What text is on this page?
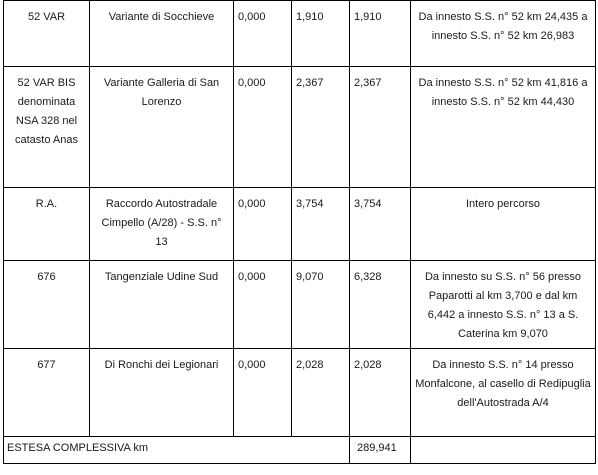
52 VAR	Variante di Socchieve	0,000	1,910	1,910	Da innesto S.S. n° 52 km 24,435 a innesto S.S. n° 52 km 26,983
52 VAR BIS denominata NSA 328 nel catasto Anas	Variante Galleria di San Lorenzo	0,000	2,367	2,367	Da innesto S.S. n° 52 km 41,816 a innesto S.S. n° 52 km 44,430
R.A.	Raccordo Autostradale Cimpello (A/28) - S.S. n° 13	0,000	3,754	3,754	Intero percorso
676	Tangenziale Udine Sud	0,000	9,070	6,328	Da innesto su S.S. n° 56 presso Paparotti al km 3,700 e dal km 6,442 a innesto S.S. n° 13 a S. Caterina km 9,070
677	Di Ronchi dei Legionari	0,000	2,028	2,028	Da innesto S.S. n° 14 presso Monfalcone, al casello di Redipuglia dell'Autostrada A/4
ESTESA COMPLESSIVA km				289,941	
